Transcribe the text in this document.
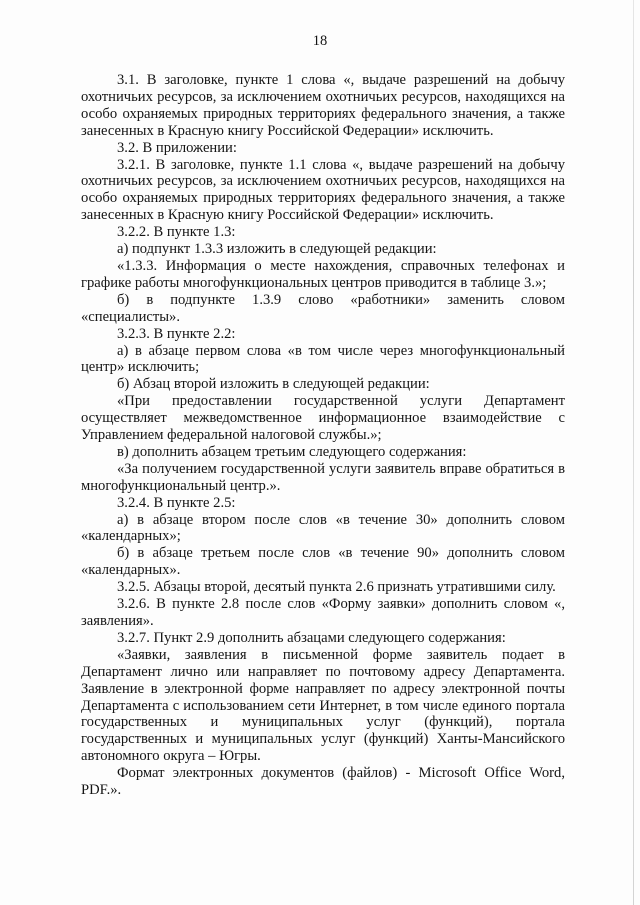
18

3.1. В заголовке, пункте 1 слова «, выдаче разрешений на добычу охотничьих ресурсов, за исключением охотничьих ресурсов, находящихся на особо охраняемых природных территориях федерального значения, а также занесенных в Красную книгу Российской Федерации» исключить.

3.2. В приложении:

3.2.1. В заголовке, пункте 1.1 слова «, выдаче разрешений на добычу охотничьих ресурсов, за исключением охотничьих ресурсов, находящихся на особо охраняемых природных территориях федерального значения, а также занесенных в Красную книгу Российской Федерации» исключить.

3.2.2. В пункте 1.3:

а) подпункт 1.3.3 изложить в следующей редакции:

«1.3.3. Информация о месте нахождения, справочных телефонах и графике работы многофункциональных центров приводится в таблице 3.»;

б) в подпункте 1.3.9 слово «работники» заменить словом «специалисты».

3.2.3. В пункте 2.2:

а) в абзаце первом слова «в том числе через многофункциональный центр» исключить;

б) Абзац второй изложить в следующей редакции:

«При предоставлении государственной услуги Департамент осуществляет межведомственное информационное взаимодействие с Управлением федеральной налоговой службы.»;

в) дополнить абзацем третьим следующего содержания:

«За получением государственной услуги заявитель вправе обратиться в многофункциональный центр.».

3.2.4. В пункте 2.5:

а) в абзаце втором после слов «в течение 30» дополнить словом «календарных»;

б) в абзаце третьем после слов «в течение 90» дополнить словом «календарных».

3.2.5. Абзацы второй, десятый пункта 2.6 признать утратившими силу.

3.2.6. В пункте 2.8 после слов «Форму заявки» дополнить словом «, заявления».

3.2.7. Пункт 2.9 дополнить абзацами следующего содержания:

«Заявки, заявления в письменной форме заявитель подает в Департамент лично или направляет по почтовому адресу Департамента. Заявление в электронной форме направляет по адресу электронной почты Департамента с использованием сети Интернет, в том числе единого портала государственных и муниципальных услуг (функций), портала государственных и муниципальных услуг (функций) Ханты-Мансийского автономного округа – Югры.

Формат электронных документов (файлов) - Microsoft Office Word, PDF.».
